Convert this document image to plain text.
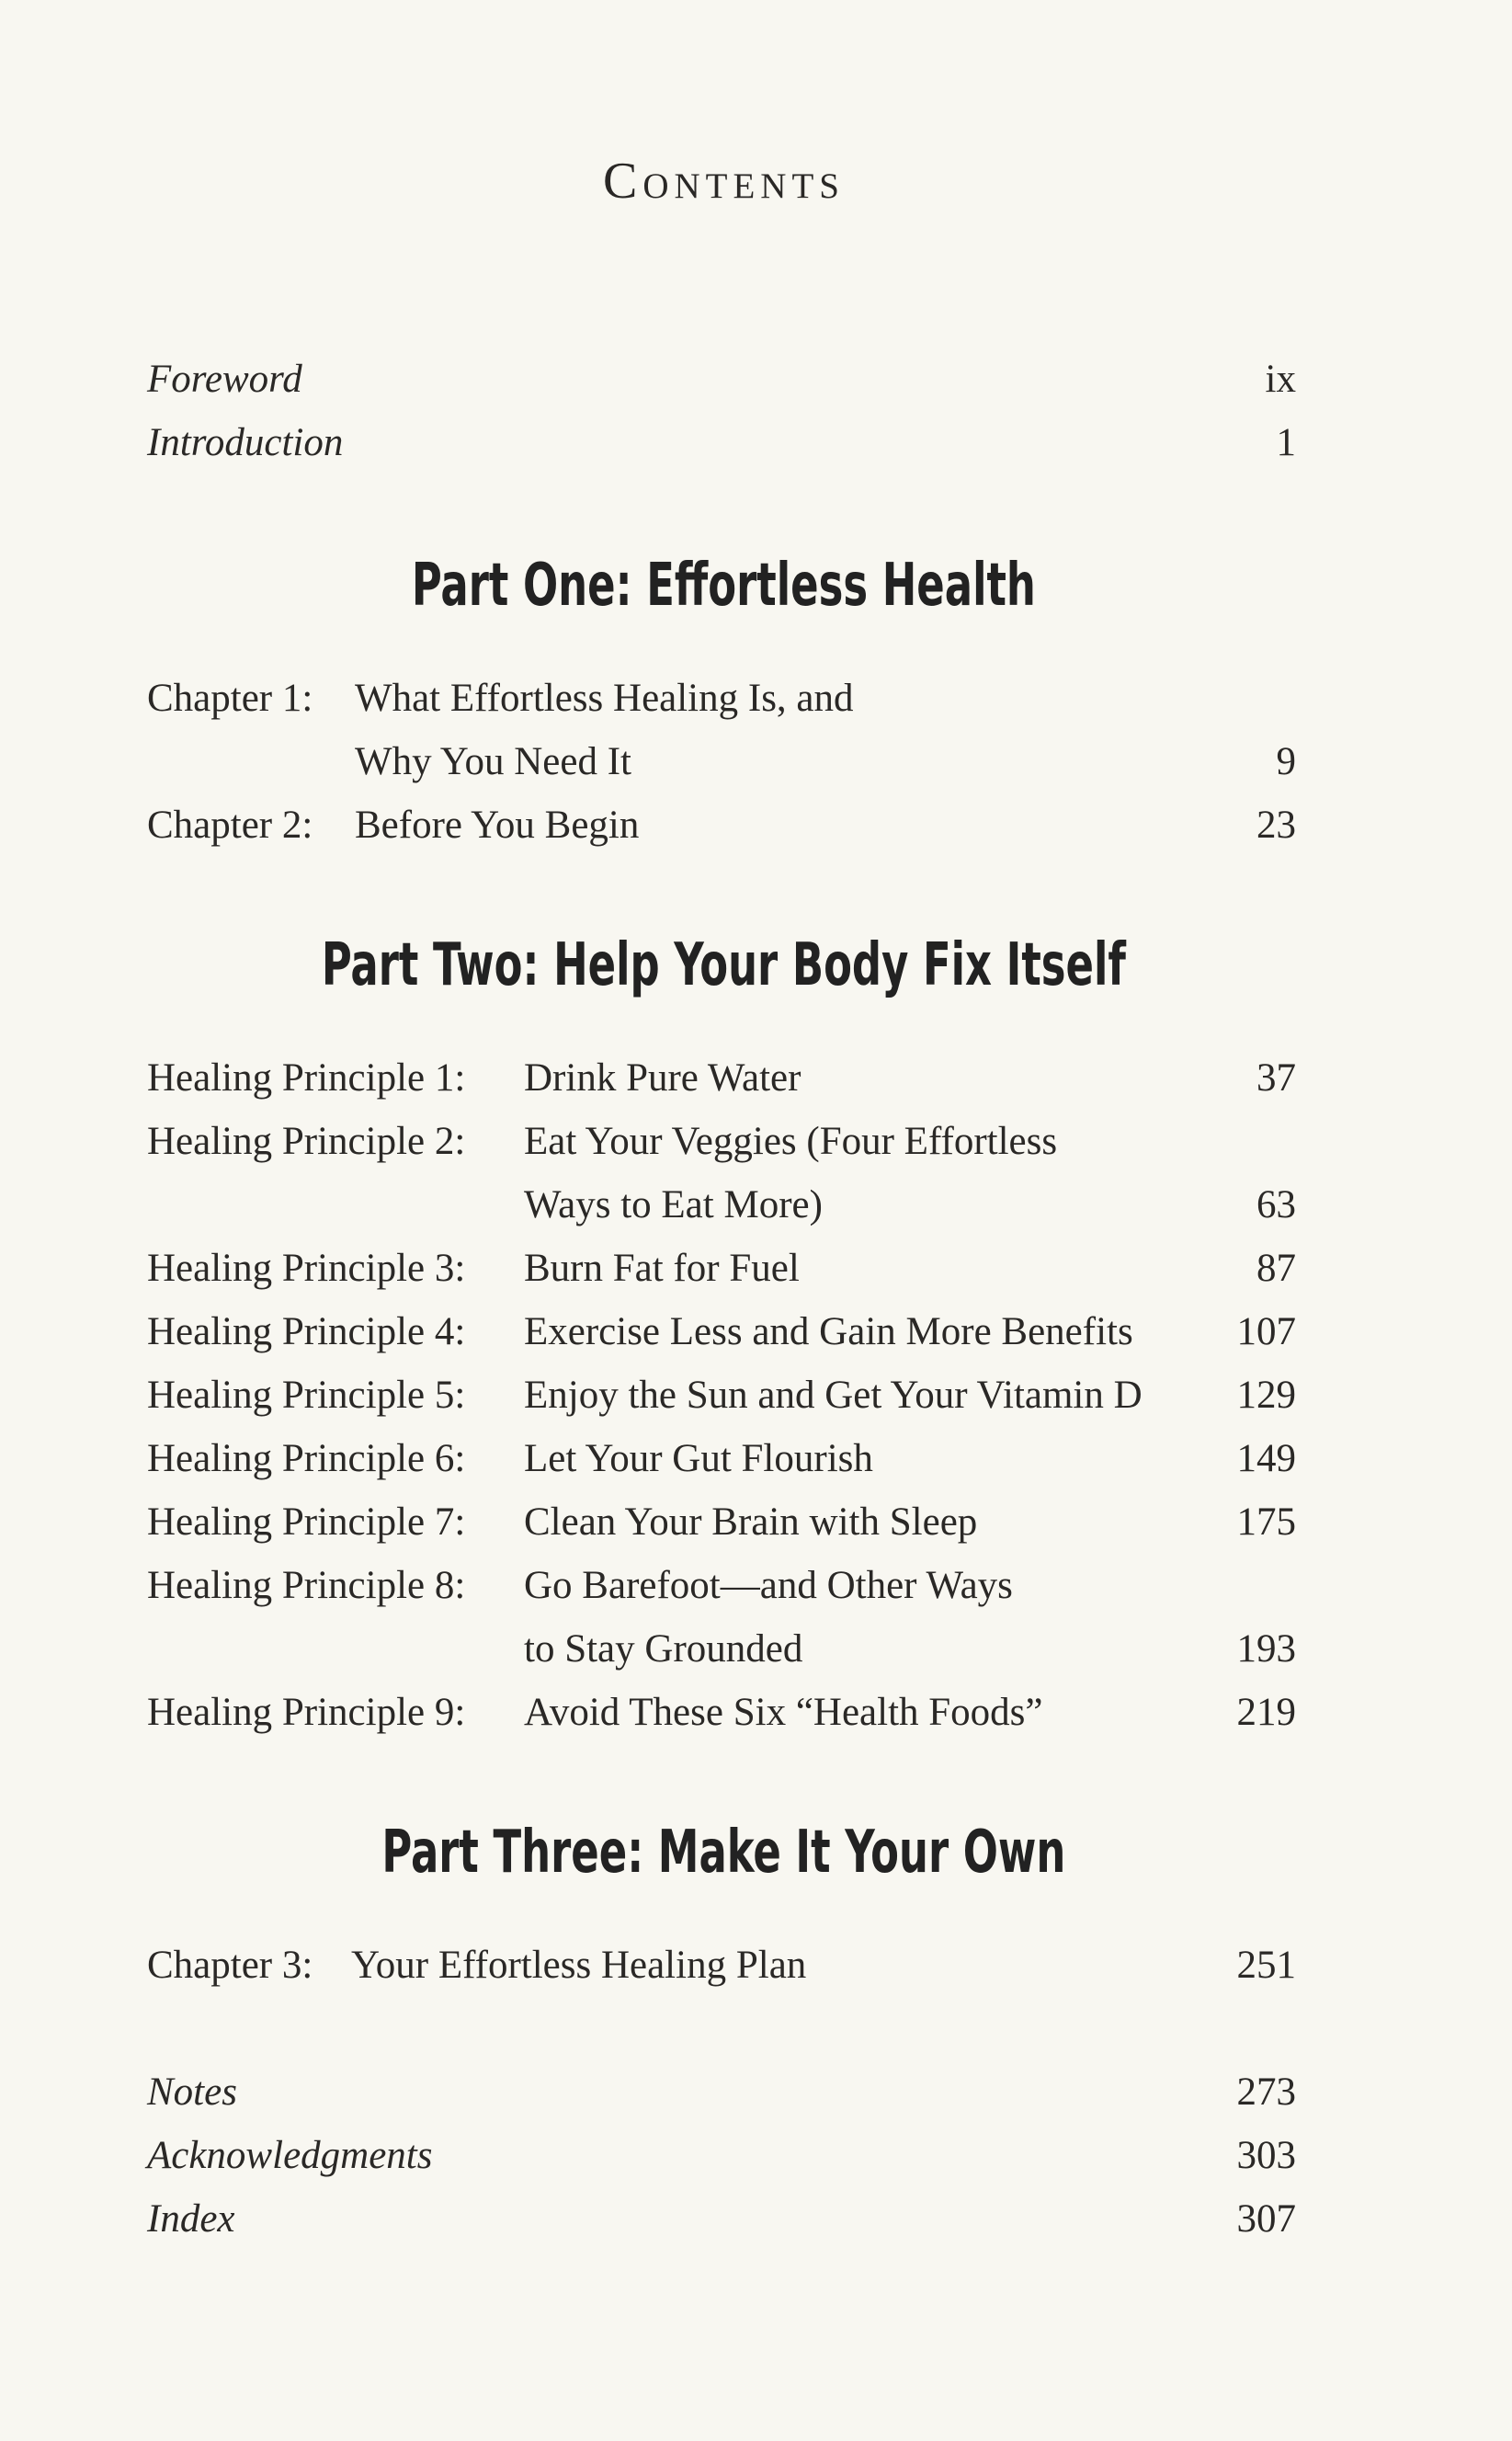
Contents
Foreword	ix
Introduction	1
Part One: Effortless Health
Chapter 1: What Effortless Healing Is, and
Why You Need It	9
Chapter 2: Before You Begin	23
Part Two: Help Your Body Fix Itself
Healing Principle 1: Drink Pure Water	37
Healing Principle 2: Eat Your Veggies (Four Effortless
Ways to Eat More)	63
Healing Principle 3: Burn Fat for Fuel	87
Healing Principle 4: Exercise Less and Gain More Benefits	107
Healing Principle 5: Enjoy the Sun and Get Your Vitamin D 129
Healing Principle 6: Let Your Gut Flourish	149
Healing Principle 7: Clean Your Brain with Sleep	175
Healing Principle 8: Go Barefoot—and Other Ways
to Stay Grounded	193
Healing Principle 9: Avoid These Six “Health Foods”	219
Part Three: Make It Your Own
Chapter 3: Your Effortless Healing Plan	251
Notes	273
Acknowledgments	303
Index	307
